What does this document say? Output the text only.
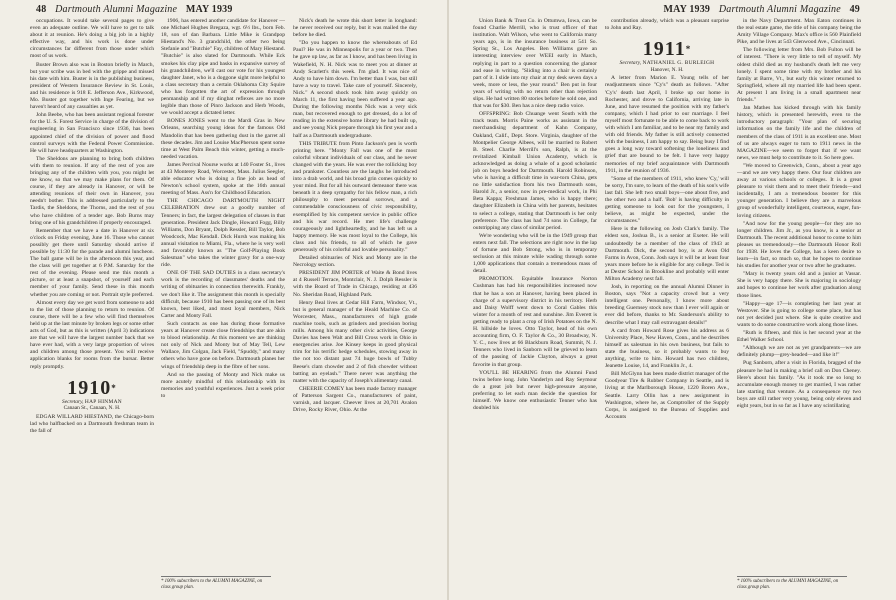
48 Dartmouth Alumni Magazine MAY 1939

occupations. It would take several pages to give even an adequate outline. We will have to get to talk about it at reunion. He's doing a big job in a highly effective way, and his work is done under circumstances far different from those under which most of us work.

Buster Brown also was in Boston briefly in March, but your scribe was in bed with the grippe and missed his date with him. Buster is in the publishing business, president of Western Insurance Review in St. Louis, and his residence is 918 E. Jefferson Ave., Kirkwood, Mo. Buster got together with Inge Fearing, but we haven't heard of any casualties as yet.

John Beebe, who has been assistant regional forester for the U. S. Forest Service in charge of the division of engineering in San Francisco since 1936, has been appointed chief of the division of power and flood control surveys with the Federal Power Commission. He will have headquarters at Washington.

The Sheldons are planning to bring both children with them to reunion. If any of the rest of you are bringing any of the children with you, you might let me know, so that we may make plans for them. Of course, if they are already in Hanover, or will be attending reunions of their own in Hanover, you needn't bother. This is addressed particularly to the Tardis, the Sheldons, the Thorns, and the rest of you who have children of a tender age. Bob Burns may bring one of his grandchildren if properly encouraged.

Remember that we have a date in Hanover at six o'clock on Friday evening, June 16. Those who cannot possibly get there until Saturday should arrive if possible by 11:30 for the parade and alumni luncheon. The ball game will be in the afternoon this year, and the class will get together at 6 P.M. Saturday for the rest of the evening. Please send me this month a picture, or at least a snapshot, of yourself and each member of your family. Send these in this month whether you are coming or not. Portrait style preferred.

Almost every day we get word from someone to add to the list of those planning to return to reunion. Of course, there will be a few who will find themselves held up at the last minute by broken legs or some other acts of God, but as this is written (April 3) indications are that we will have the largest number back that we have ever had, with a very large proportion of wives and children among those present. You will receive application blanks for rooms from the bursar. Better reply promptly.

1910*
Secretary, HAP HINMAN
Canaan St., Canaan, N. H.

EDGAR WILLARD HIESTAND, the Chicago-born lad who halfbacked on a Dartmouth freshman team in the fall of

1906, has entered another candidate for Hanover — one Michael Hughes Bregaza, wgt. 6½ lbs., born Feb. 18, son of dan Barbara. Little Mike is Grandpop Hiestand's No. 3 grandchild, the other two being Stefanie and "Butchie" Fay, children of Mary Hiestand. "Butchie" is also slated for Dartmouth. While Eck smokes his clay pipe and basks in expansive survey of his grandchildren, we'll cast our vote for his youngest daughter Janet, who is a doggone sight more helpful to a class secretary than a certain Oklahoma City Squire who has forgotten the art of expression through penmanship and if my dingbat reflexes are no more legible than those of Pinro Jackson and Herb Woods, we would accept a dictated letter.

BONES JONES went to the Mardi Gras in New Orleans, searching young ideas for the famous Old Mandolin that has been gathering dust in the garret all these decades. Jim and Louise MacPherson spent some time at West Palm Beach this winter, getting a much-needed vacation.

James Percival Nourse works at 140 Foster St., lives at 43 Monterey Road, Worcester, Mass. Julius Seegler, able educator who is doing a fine job as head of Newton's school system, spoke at the 16th annual meeting of Mass. Ass'n for Childhood Education.

THE CHICAGO DARTMOUTH NIGHT CELEBRATION drew out a goodly number of Tenners; in fact, the largest delegation of classes in that generation. President Jack Dingle, Howard Fogg, Billy Williams, Don Bryant, Dolph Ressler, Bill Taylor, Bob Woodcock, Mac Kendall. Dick Hursh was making his annual visitation to Miami, Fla., where he is very well and favorably known as "The Golf-Playing Book Salesman" who takes the winter gravy for a one-way ride.

ONE OF THE SAD DUTIES in a class secretary's work is the recording of classmates' deaths and the writing of obituaries in connection therewith. Frankly, we don't like it. The assignment this month is specially difficult, because 1910 has been passing one of its best known, best liked, and most loyal members, Nick Carter and Monty Fall.

Such contacts as one has during those formative years at Hanover create close friendships that are akin to blood relationship. At this moment we are thinking not only of Nick and Monty but of May Tell, Lew Wallace, Jim Colgan, Jack Field, "Spuddy," and many others who have gone on before. Dartmouth planes her wings of friendship deep in the fibre of her sons.

And so the passing of Monty and Nick make us more acutely mindful of this relationship with its memories and youthful experiences. Just a week prior to

Nick's death he wrote this short letter in longhand: he never received our reply, but it was mailed the day before he died.

"Do you happen to know the whereabouts of Ed Paul? He was in Minneapolis for a year or two. Then he gave up law, as far as I know, and has been living in Wakefield, N. H. Nick was to meet you at dinner at Andy Scarlett's this week. I'm glad. It was nice of Andy to have him down. I'm better than I was, but still have a way to travel. Take care of yourself. Sincerely, Nick." A second shock took him away quickly on March 11, the first having been suffered a year ago. During the following months Nick was a very sick man, but recovered enough to get dressed, do a lot of reading in the extensive home library he had built up, and see young Nick prepare through his first year and a half as a Dartmouth undergraduate.

THIS TRIBUTE from Pinto Jackson's pen is worth printing here. "Monty Fall was one of the most colorful vibrant individuals of our class, and he never changed with the years. He was ever the rollicking boy and prankster. Countless are the laughs he introduced into a drab world, and his broad grin comes quickly to your mind. But for all his outward demeanor there was beneath it a deep sympathy for his fellow man, a rich philosophy to meet personal sorrows, and a commendable consciousness of civic responsibility, exemplified by his competent service in public office and his war record. He met life's challenge courageously and lightheartedly, and he has left us a happy memory. He was most loyal to the College, his class and his friends, to all of which he gave generously of his colorful and lovable personality."

Detailed obituaries of Nick and Monty are in the Necrology section.

PRESIDENT JIM PORTER of Waite & Bond lives at 4 Russell Terrace, Montclair, N. J. Dolph Ressler is with the Board of Trade in Chicago, residing at 436 No. Sheridan Road, Highland Park.

Henry Beal lives at Cedar Hill Farm, Windsor, Vt., but is general manager of the Heald Machine Co. of Worcester, Mass., manufacturers of high grade machine tools, such as grinders and precision boring mills. Among his many other civic activities, George Davies has been Walt and Bill Cross work in Ohio in energencies arise. Joe Kinsey keeps in good physical trim for his terrific hedge schedules, stowing away in the not too distant past 74 huge bowls of Tubby Beese's clam chowder and 2 of fish chowder without batting an eyelash." There never was anything the matter with the capacity of Joseph's alimentary canal.

CHEERIE COMEY has been made factory manager of Patterson Sargent Co., manufacturers of paint, varnish, and lacquer. Cheever lives at 20,701 Avalon Drive, Rocky River, Ohio. At the

* 100% subscribers to the ALUMNI MAGAZINE, on class group plan.
MAY 1939 Dartmouth Alumni Magazine 49

Union Bank & Trust Co. in Ottumwa, Iowa, can be found Charlie Merrill, who is trust officer of that institution. Walt Wilson, who went to California many years ago, is in the insurance business at 541 So. Spring St., Los Angeles. Ben Williams gave an interesting interview over WEEI early in March, replying in part to a question concerning the glamor and ease in writing. "Sliding into a chair is certainly part of it. I slide into my chair at my desk seven days a week, more or less, the year round." Ben put in four years of writing with no return other than rejection slips. He had written 80 stories before he sold one, and that was for $30. Ben has a nice deep radio voice.

OFFSPRING: Bob Chuange went South with the track team. Morris Paine works as assistant in the merchandising department of Kahn Company, Oakland, Calif., Dept. Store. Virginia, daughter of the Montpelier George Albees, will be married to Robert B. Steel. Charlie Merrill's son, Ralph, is at the revitalized Kimball Union Academy, which is acknowledged as doing a whale of a good scholastic job on boys headed for Dartmouth. Harold Robinson, who is having a difficult time in war-torn China, gets no little satisfaction from his two Dartmouth sons, Harold Jr., a senior, now in pre-medical work, in Phi Beta Kappa; Freshman James, who is happy there; daughter Elizabeth in China with her parents, hesitates to select a college, stating that Dartmouth is her only preference. The class has had 74 sons in College, far outstripping any class of similar period.

We're wondering who will be in the 1949 group that enters next fall. The selections are right now in the lap of fortune and Bob Strong, who is in temporary seclusion at this minute while wading through some 1,000 applications that contain a tremendous mass of detail.

PROMOTION. Equitable Insurance Norton Cushman has had his responsibilities increased now that he has a son at Hanover, having been placed in charge of a supervisory district in his territory. Herb and Daisy Wolff went down to Coral Gables this winter for a month of rest and sunshine. Jim Everett is getting ready to plant a crop of Irish Potatoes on the N. H. hillside he loves. Otto Taylor, head of his own accounting firm, O. F. Taylor & Co., 30 Broadway, N. Y. C., now lives at 66 Blackburn Road, Summit, N. J. Tenners who lived in Sanborn will be grieved to learn of the passing of Jackie Clayton, always a great favorite in that group.

YOU'LL BE HEARING from the Alumni Fund twins before long. John Vanderlyn and Ray Seymour do a great job but never high-pressure anyone, preferring to let each man decide the question for himself. We know one enthusiastic Tenner who has doubled his

contribution already, which was a pleasant surprise to John and Ray.

1911*
Secretary, NATHANIEL G. BURLEIGH
Hanover, N. H.

A letter from Marion E. Young tells of her readjustments since "Cy's" death as follows. "After 'Cy's' death last April, I broke up our home in Rochester, and drove to California, arriving late in June, and have resumed the position with my father's company, which I had prior to our marriage. I feel myself most fortunate to be able to come back to work with which I am familiar, and to be near my family and with old friends. My father is still actively connected with the business, I am happy to say. Being busy I find goes a long way toward softening the loneliness and grief that are bound to be felt. I have very happy memories of my brief acquaintance with Dartmouth 1911, in the reunion of 1936.

"Some of the members of 1911, who knew 'Cy,' will be sorry, I'm sure, to learn of the death of his son's wife last fall. She left two small boys—one about five, and the other two and a half. 'Bob' is having difficulty in getting someone to look out for the youngsters, I believe, as might be expected, under the circumstances."

Here is the following on Josh Clark's family. The eldest son, Joshua B., is a senior at Exeter. He will undoubtedly be a member of the class of 1943 at Dartmouth. Dick, the second boy, is at Avon Old Farms in Avon, Conn. Josh says it will be at least four years more before he is eligible for any college. Ted is at Dexter School in Brookline and probably will enter Milton Academy next fall.

Josh, in reporting on the annual Alumni Dinner in Boston, says "Not a capacity crowd but a very intelligent one. Personally, I know more about breeding Guernsey stock now than I ever will again or ever did before, thanks to Mr. Sanderson's ability to describe what I may call extravagant details!"

A card from Howard Rose gives his address as 6 University Place, New Haven, Conn., and he describes himself as salesman in his own business, but fails to state the business, so it probably wants to buy anything, write to him. Howard has two children, Jeanette Louise, 14, and Franklin Jr., 4.

Bill McGlynn has been made district manager of the Goodyear Tire & Rubber Company in Seattle, and is living at the Marlborough House, 1220 Boren Ave., Seattle. Larry Ollin has a new assignment in Washington, where he, as Comptroller of the Supply Corps, is assigned to the Bureau of Supplies and Accounts

in the Navy Department. Max Eaton continues in the real estate game, the title of his company being the Amity Village Company. Max's office is 560 Plainfield Pike, and he lives at 543 Glenwood Ave., Cincinnati.

The following letter from Mrs. Bob Fulton will be of interest. "There is very little to tell of myself. My oldest child died as my husband's death left me very lonely. I spent some time with my brother and his family at Barre, Vt., but early this winter returned to Springfield, where all my married life had been spent. At present I am living in a small apartment near friends."

Jan Mathes has kicked through with his family history, which is presented herewith, even to the introductory paragraph: "Your plan of securing information on the family life and the children of members of the class of 1911 is an excellent one. Most of us are always eager to turn to 1911 news in the MAGAZINE—we seem to forget that if we want news, we must help to contribute to it. So here goes.

"We moved to Greenwich, Conn., about a year ago—and we are very happy there. Our four children are away at various schools or colleges. It is a great pleasure to visit them and to meet their friends—and incidentally, I am a tremendous booster for this younger generation. I believe they are a marvelous group of wonderfully intelligent, courteous, eager, fun-loving citizens.

"And now for the young people—for they are no longer children. Jim Jr., as you know, is a senior at Dartmouth. The recent additional honor to come to him pleases us tremendously—the Dartmouth Honor Roll for 1938. He loves the College, has a keen desire to learn—in fact, so much so, that he hopes to continue his studies for another year or two after he graduates.

"Mary is twenty years old and a junior at Vassar. She is very happy there. She is majoring in sociology and hopes to continue her work after graduation along those lines.

"Happy—age 17—is completing her last year at Westover. She is going to college some place, but has not yet decided just where. She is quite creative and wants to do some constructive work along those lines.

"Ruth is fifteen, and this is her second year at the Ethel Walker School.

"Although we are not as yet grandparents—we are definitely plump—grey-headed—and like it!"

Pug Sanborn, after a visit in Florida, bragged of the pleasure he had in making a brief call on Don Cheney. Here's about his family. "As it took me so long to accumulate enough money to get married, I was rather late starting that venture. As a consequence my two boys are still rather very young, being only eleven and eight years, but in so far as I have any scintillating

* 100% subscribers to the ALUMNI MAGAZINE, on class group plan.
